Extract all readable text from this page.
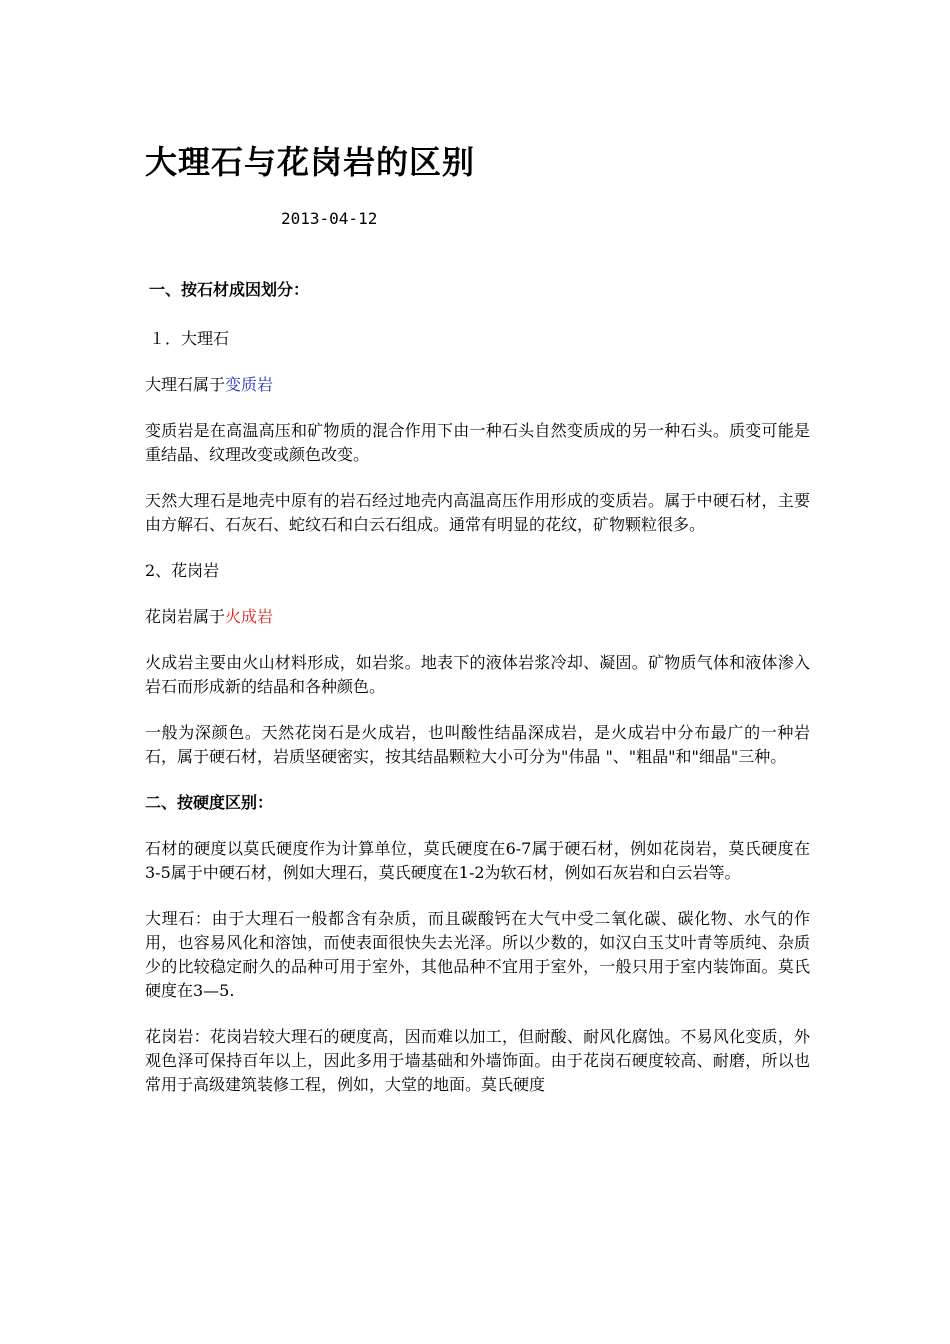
大理石与花岗岩的区别
2013-04-12
一、按石材成因划分：

１．大理石

大理石属于变质岩

变质岩是在高温高压和矿物质的混合作用下由一种石头自然变质成的另一种石头。质变可能是重结晶、纹理改变或颜色改变。

天然大理石是地壳中原有的岩石经过地壳内高温高压作用形成的变质岩。属于中硬石材，主要由方解石、石灰石、蛇纹石和白云石组成。通常有明显的花纹，矿物颗粒很多。

2、花岗岩

花岗岩属于火成岩

火成岩主要由火山材料形成，如岩浆。地表下的液体岩浆冷却、凝固。矿物质气体和液体渗入岩石而形成新的结晶和各种颜色。

一般为深颜色。天然花岗石是火成岩，也叫酸性结晶深成岩，是火成岩中分布最广的一种岩石，属于硬石材，岩质坚硬密实，按其结晶颗粒大小可分为"伟晶 "、"粗晶"和"细晶"三种。

二、按硬度区别：

石材的硬度以莫氏硬度作为计算单位，莫氏硬度在6-7属于硬石材，例如花岗岩，莫氏硬度在3-5属于中硬石材，例如大理石，莫氏硬度在1-2为软石材，例如石灰岩和白云岩等。

大理石：由于大理石一般都含有杂质，而且碳酸钙在大气中受二氧化碳、碳化物、水气的作用，也容易风化和溶蚀，而使表面很快失去光泽。所以少数的，如汉白玉艾叶青等质纯、杂质少的比较稳定耐久的品种可用于室外，其他品种不宜用于室外，一般只用于室内装饰面。莫氏硬度在3—5.

花岗岩：花岗岩较大理石的硬度高，因而难以加工，但耐酸、耐风化腐蚀。不易风化变质，外观色泽可保持百年以上，因此多用于墙基础和外墙饰面。由于花岗石硬度较高、耐磨，所以也常用于高级建筑装修工程，例如，大堂的地面。莫氏硬度
